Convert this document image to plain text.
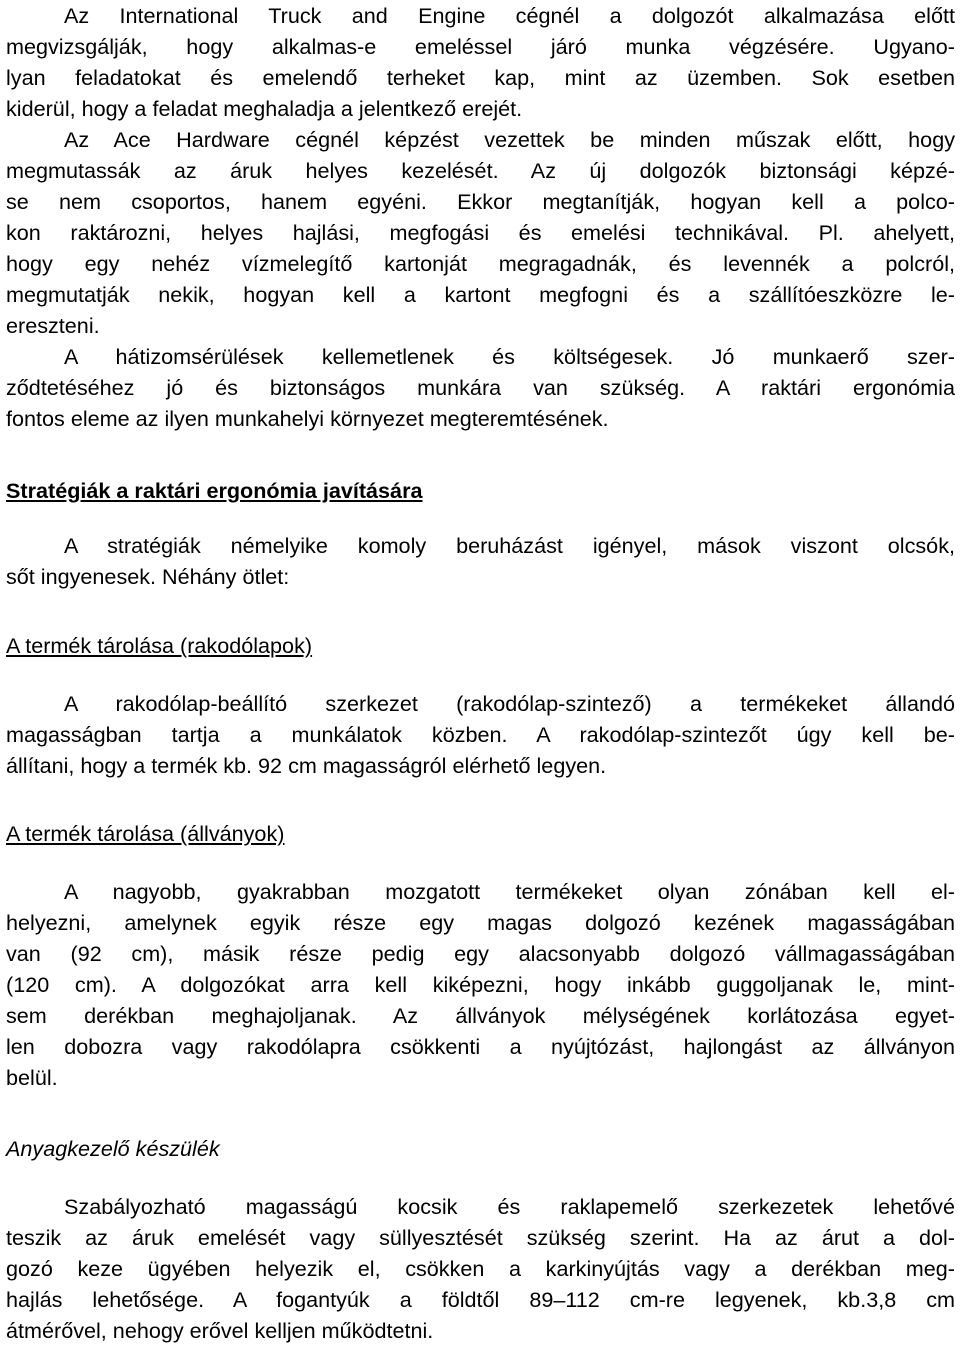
Az International Truck and Engine cégnél a dolgozót alkalmazása előtt
megvizsgálják, hogy alkalmas-e emeléssel járó munka végzésére. Ugyano-
lyan feladatokat és emelendő terheket kap, mint az üzemben. Sok esetben
kiderül, hogy a feladat meghaladja a jelentkező erejét.
Az Ace Hardware cégnél képzést vezettek be minden műszak előtt, hogy
megmutassák az áruk helyes kezelését. Az új dolgozók biztonsági képzé-
se nem csoportos, hanem egyéni. Ekkor megtanítják, hogyan kell a polco-
kon raktározni, helyes hajlási, megfogási és emelési technikával. Pl. ahelyett,
hogy egy nehéz vízmelegítő kartonját megragadnák, és levennék a polcról,
megmutatják nekik, hogyan kell a kartont megfogni és a szállítóeszközre le-
ereszteni.
A hátizomsérülések kellemetlenek és költségesek. Jó munkaerő szer-
ződtetéséhez jó és biztonságos munkára van szükség. A raktári ergonómia
fontos eleme az ilyen munkahelyi környezet megteremtésének.
Stratégiák a raktári ergonómia javítására
A stratégiák némelyike komoly beruházást igényel, mások viszont olcsók,
sőt ingyenesek. Néhány ötlet:
A termék tárolása (rakodólapok)
A rakodólap-beállító szerkezet (rakodólap-szintező) a termékeket állandó
magasságban tartja a munkálatok közben. A rakodólap-szintezőt úgy kell be-
állítani, hogy a termék kb. 92 cm magasságról elérhető legyen.
A termék tárolása (állványok)
A nagyobb, gyakrabban mozgatott termékeket olyan zónában kell el-
helyezni, amelynek egyik része egy magas dolgozó kezének magasságában
van (92 cm), másik része pedig egy alacsonyabb dolgozó vállmagasságában
(120 cm). A dolgozókat arra kell kiképezni, hogy inkább guggoljanak le, mint-
sem derékban meghajoljanak. Az állványok mélységének korlátozása egyet-
len dobozra vagy rakodólapra csökkenti a nyújtózást, hajlongást az állványon
belül.
Anyagkezelő készülék
Szabályozható magasságú kocsik és raklapemelő szerkezetek lehetővé
teszik az áruk emelését vagy süllyesztését szükség szerint. Ha az árut a dol-
gozó keze ügyében helyezik el, csökken a karkinyújtás vagy a derékban meg-
hajlás lehetősége. A fogantyúk a földtől 89–112 cm-re legyenek, kb.3,8 cm
átmérővel, nehogy erővel kelljen működtetni.
